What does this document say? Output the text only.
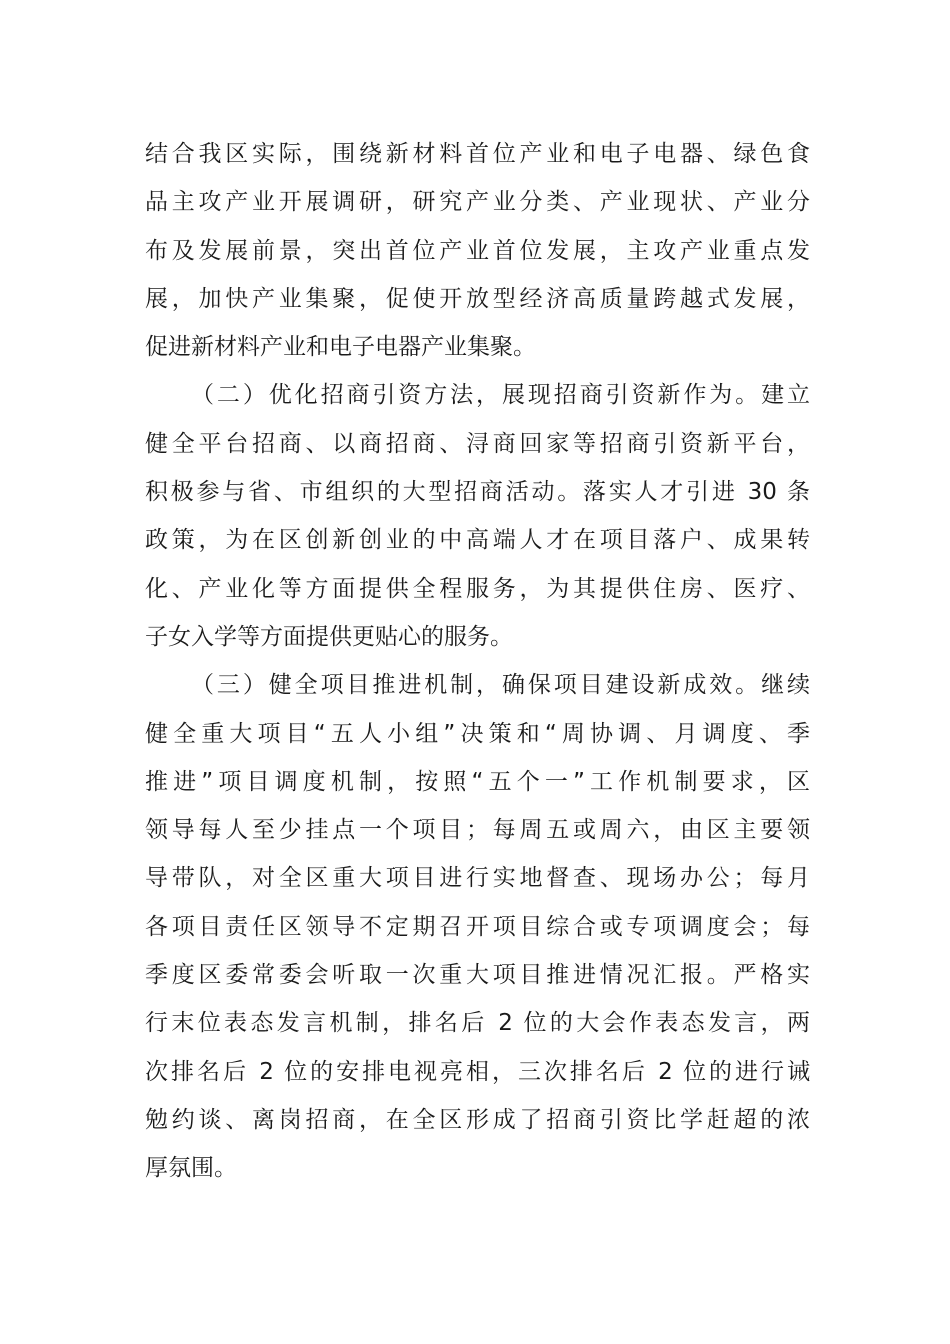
结合我区实际，围绕新材料首位产业和电子电器、绿色食
品主攻产业开展调研，研究产业分类、产业现状、产业分
布及发展前景，突出首位产业首位发展，主攻产业重点发
展，加快产业集聚，促使开放型经济高质量跨越式发展，
促进新材料产业和电子电器产业集聚。
（二）优化招商引资方法，展现招商引资新作为。建立
健全平台招商、以商招商、浔商回家等招商引资新平台，
积极参与省、市组织的大型招商活动。落实人才引进 30 条
政策，为在区创新创业的中高端人才在项目落户、成果转
化、产业化等方面提供全程服务，为其提供住房、医疗、
子女入学等方面提供更贴心的服务。
（三）健全项目推进机制，确保项目建设新成效。继续
健全重大项目“五人小组”决策和“周协调、月调度、季
推进”项目调度机制，按照“五个一”工作机制要求，区
领导每人至少挂点一个项目；每周五或周六，由区主要领
导带队，对全区重大项目进行实地督查、现场办公；每月
各项目责任区领导不定期召开项目综合或专项调度会；每
季度区委常委会听取一次重大项目推进情况汇报。严格实
行末位表态发言机制，排名后 2 位的大会作表态发言，两
次排名后 2 位的安排电视亮相，三次排名后 2 位的进行诫
勉约谈、离岗招商，在全区形成了招商引资比学赶超的浓
厚氛围。
